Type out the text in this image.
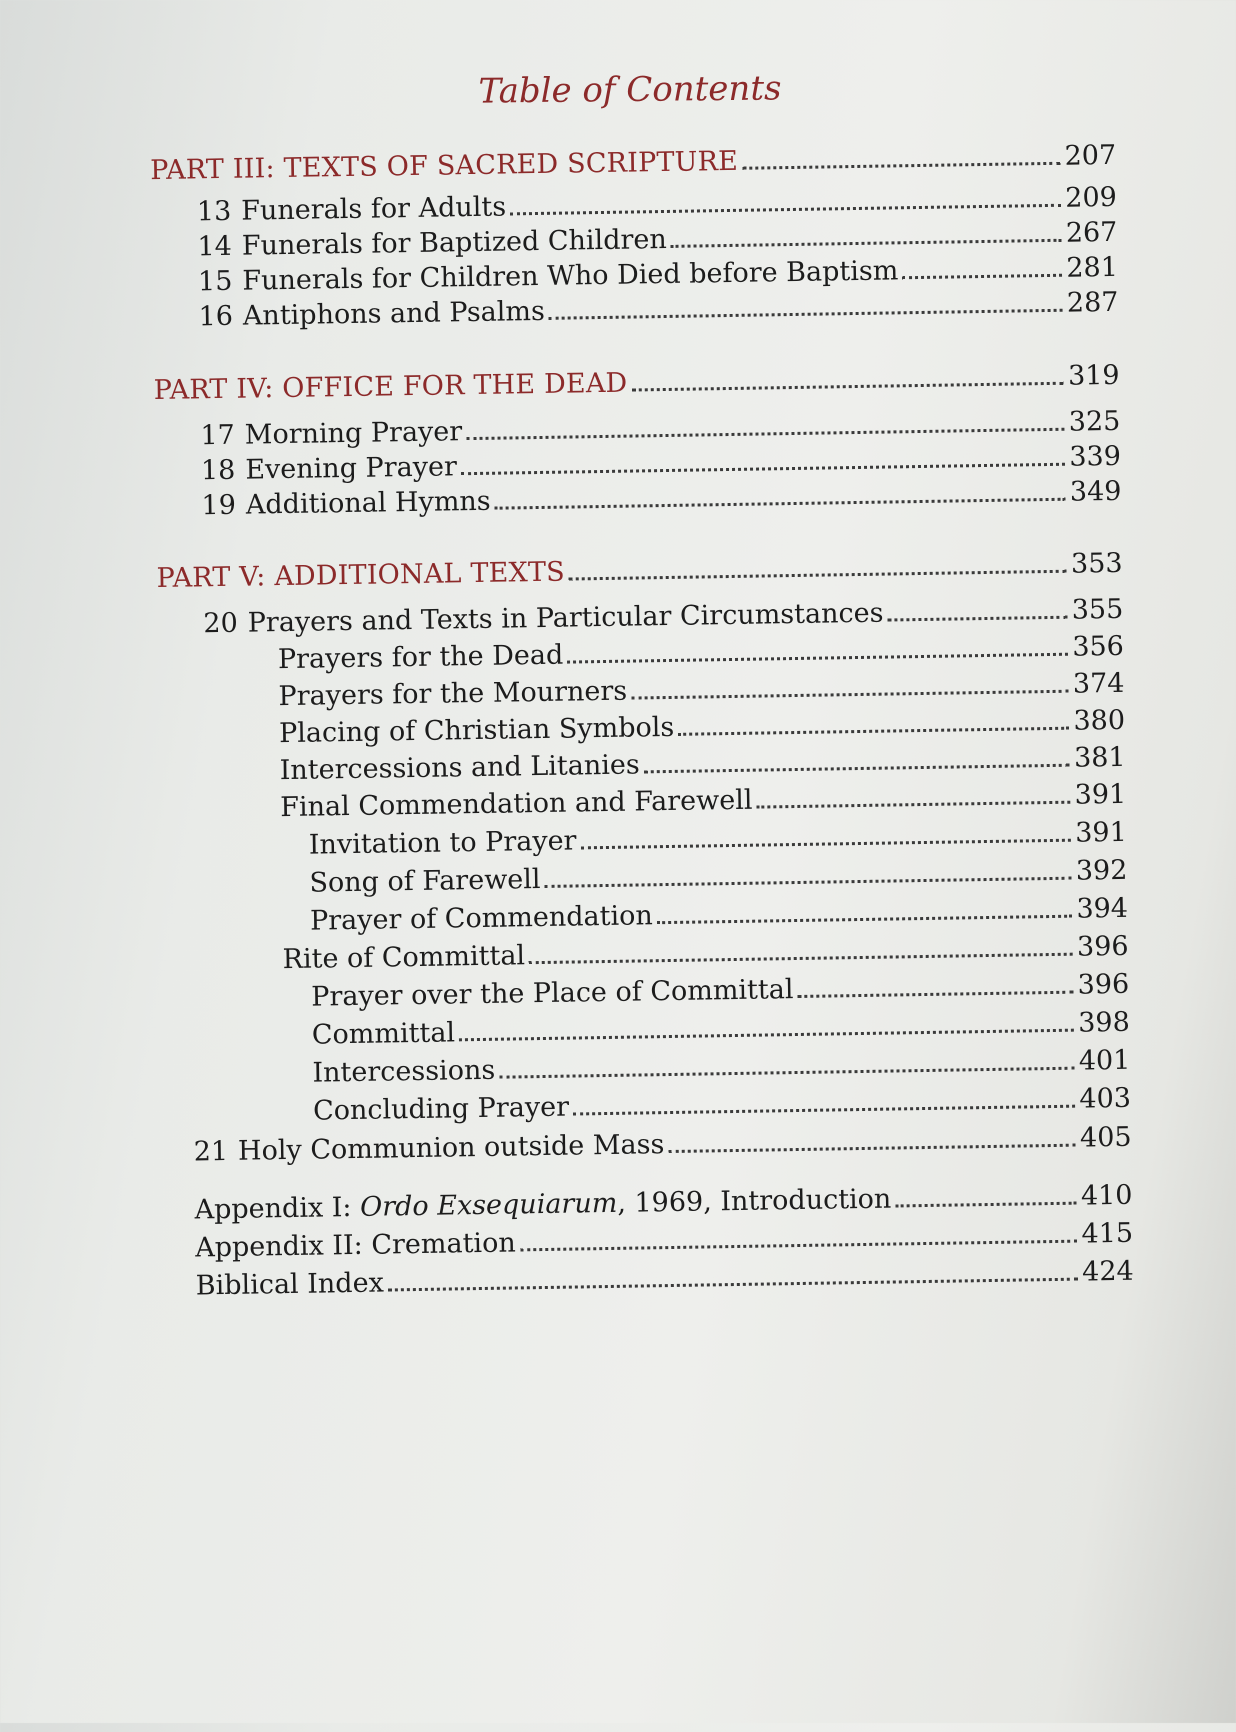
Table of Contents
PART III: TEXTS OF SACRED SCRIPTURE	207
13 Funerals for Adults	209
14 Funerals for Baptized Children	267
15 Funerals for Children Who Died before Baptism	281
16 Antiphons and Psalms	287
PART IV: OFFICE FOR THE DEAD	319
17 Morning Prayer	325
18 Evening Prayer	339
19 Additional Hymns	349
PART V: ADDITIONAL TEXTS	353
20 Prayers and Texts in Particular Circumstances	355
Prayers for the Dead	356
Prayers for the Mourners	374
Placing of Christian Symbols	380
Intercessions and Litanies	381
Final Commendation and Farewell	391
Invitation to Prayer	391
Song of Farewell	392
Prayer of Commendation	394
Rite of Committal	396
Prayer over the Place of Committal	396
Committal	398
Intercessions	401
Concluding Prayer	403
21 Holy Communion outside Mass	405
Appendix I: Ordo Exsequiarum, 1969, Introduction	410
Appendix II: Cremation	415
Biblical Index	424
